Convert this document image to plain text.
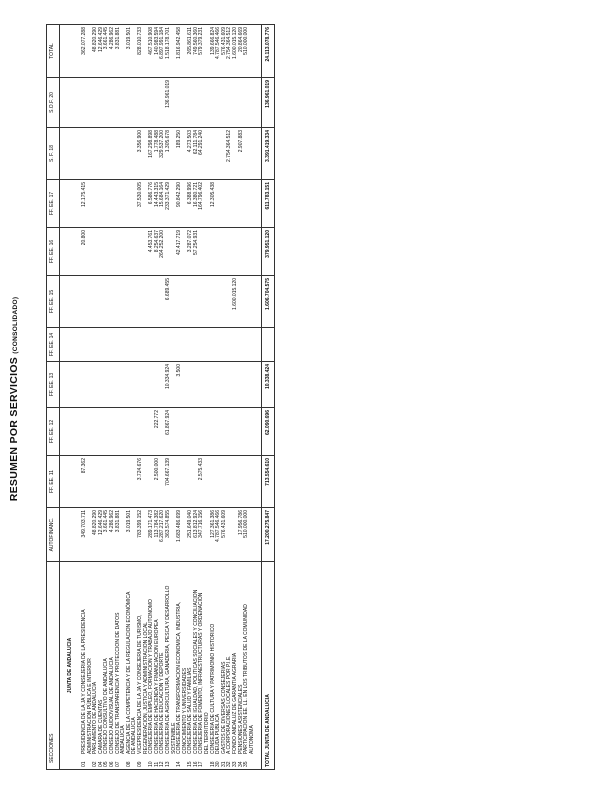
RESUMEN POR SERVICIOS (CONSOLIDADO)
SECCIONES	AUTOFINANC.	FF. EE. 11	FF. EE. 12	FF. EE. 13	FF. EE. 14	FF. EE. 15	FF. EE. 16	FF. EE. 17	S. F. 18	S.O.F. 20	TOTAL
JUNTA DE ANDALUCIA											

01
PRESIDENCIA DE LA JA Y CONSEJERIA DE LA PRESIDENCIA ADMINISTRACION PÚBLICA E INTERIOR	349.703.711	87.362					20.800	12.175.415			362.077.288

02
PARLAMENTO DE ANDALUCIA	48.820.290										48.820.290

04
CAMARA DE CUENTAS	12.646.429										12.646.429

05
CONSEJO CONSULTIVO DE ANDALUCIA	3.661.445										3.661.445

06
CONSEJO AUDIOVISUAL DE ANDALUCIA	4.286.962										4.286.962

07
CONSEJO DE TRANSPARENCIA Y PROTECCION DE DATOS ANDALUCIA	3.831.881										3.831.881

08
AGENCIA DE LA COMPETENCIA Y DE LA REGULACION ECONÓMICA DE ANDALUCIA	3.019.501										3.019.501

09
VICEPRESIDENCIA DE LA JA Y CONSEJERIA DE TURISMO, REGENERACION, JUSTICIA Y ADMINISTRACION LOCAL	783.399.152	3.724.676						37.530.005	3.356.900		828.010.733

10
CONSEJERIA DE EMPLEO, FORMACION Y TRABAJO AUTONOMO	289.171.473						4.453.761	6.586.776	167.298.898		467.510.908

11
CONSEJERIA DE HACIENDA Y FINANCIACION EUROPEA	113.784.382	2.500.000	222.772				8.254.637	14.443.315	1.778.488		140.983.594

12
CONSEJERIA DE EDUCACION Y DEPORTE	6.287.217.620						264.252.200	15.684.164	329.537.200		6.897.991.184

13
CONSEJERIA DE AGRICULTURA, GANADERIA, PESCA Y DESARROLLO SOSTENIBLE	363.574.855	704.667.139	61.867.924	10.334.924		6.689.455		233.371.429	1.305.678	136.961.019	1.518.178.701

14
CONSEJERIA DE TRANSFORMACION ECONOMICA, INDUSTRIA, CONOCIMIENTO Y UNIVERSIDADES	1.683.486.699			3.500			42.417.719	90.842.290	189.250		1.816.942.458

15
CONSEJERIA DE SALUD Y FAMILIAS	251.649.040						3.287.072	6.388.996	4.273.503		265.861.611

16
CONSEJERIA DE IGUALDAD, POLITICAS SOCIALES Y CONCILIACION	613.812.924						57.254.931	16.380.721	62.111.784		749.560.360

17
CONSEJERIA DE FOMENTO, INFRAESTRUCTURAS Y ORDENACIÓN DEL TERRITORIO	347.716.156	2.575.433						164.796.402	64.291.240		579.379.231

18
CONSEJERIA DE CULTURA Y PATRIMONIO HISTORICO	127.361.386							12.305.438			139.666.824

30
DEUDA PUBLICA	4.787.546.466										4.787.546.466

31
GASTOS DE DIVERSAS CONSEJERIAS	576.431.609										576.431.609

32
A CORPORACIONES LOCALES POR P.I.E.									2.754.364.512		2.754.364.512

33
FONDO ANDALUZ DE GARANTIA AGRARIA						1.600.015.120					1.600.015.120

34
PENSIONES ASISTENCIALES	17.956.786								2.907.883		20.864.669

35
PARTICIPACION EE. LL. EN LOS TRIBUTOS DE LA COMUNIDAD AUTONOMA	510.000.000										510.000.000

TOTAL JUNTA DE ANDALUCIA	17.200.275.847	713.554.610	62.090.696	10.338.424		1.606.704.575	379.951.120	611.783.151	3.391.419.334	136.961.019	24.113.078.776
